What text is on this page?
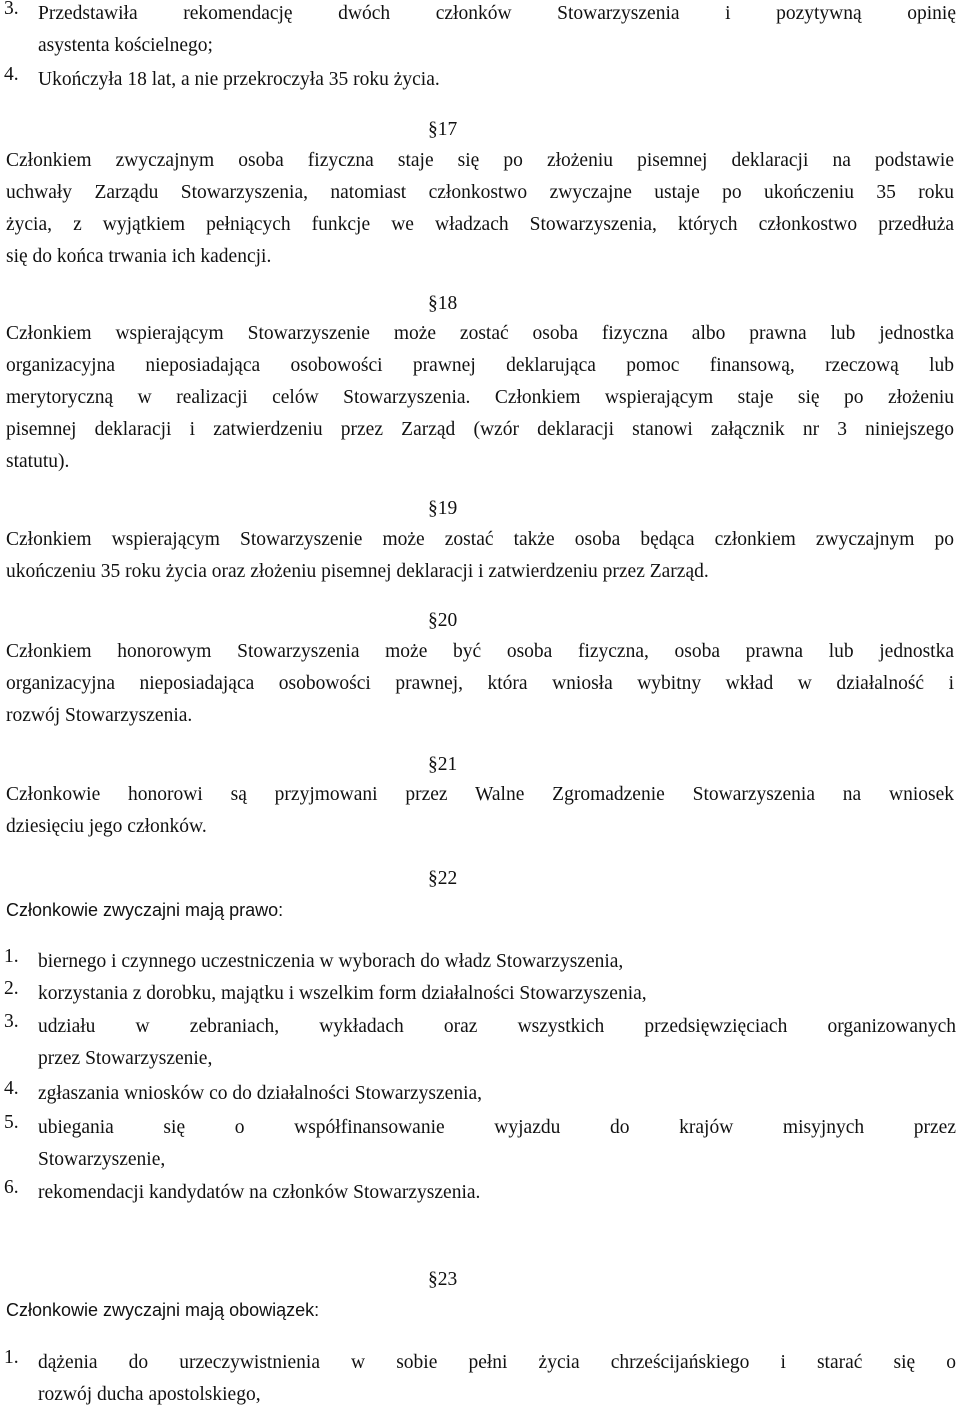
3. Przedstawiła rekomendację dwóch członków Stowarzyszenia i pozytywną opinię
asystenta kościelnego;
4. Ukończyła 18 lat, a nie przekroczyła 35 roku życia.
§17
Członkiem zwyczajnym osoba fizyczna staje się po złożeniu pisemnej deklaracji na podstawie
uchwały Zarządu Stowarzyszenia, natomiast członkostwo zwyczajne ustaje po ukończeniu 35 roku
życia, z wyjątkiem pełniących funkcje we władzach Stowarzyszenia, których członkostwo przedłuża
się do końca trwania ich kadencji.
§18
Członkiem wspierającym Stowarzyszenie może zostać osoba fizyczna albo prawna lub jednostka
organizacyjna nieposiadająca osobowości prawnej deklarująca pomoc finansową, rzeczową lub
merytoryczną w realizacji celów Stowarzyszenia. Członkiem wspierającym staje się po złożeniu
pisemnej deklaracji i zatwierdzeniu przez Zarząd (wzór deklaracji stanowi załącznik nr 3 niniejszego
statutu).
§19
Członkiem wspierającym Stowarzyszenie może zostać także osoba będąca członkiem zwyczajnym po
ukończeniu 35 roku życia oraz złożeniu pisemnej deklaracji i zatwierdzeniu przez Zarząd.
§20
Członkiem honorowym Stowarzyszenia może być osoba fizyczna, osoba prawna lub jednostka
organizacyjna nieposiadająca osobowości prawnej, która wniosła wybitny wkład w działalność i
rozwój Stowarzyszenia.
§21
Członkowie honorowi są przyjmowani przez Walne Zgromadzenie Stowarzyszenia na wniosek
dziesięciu jego członków.
§22
Członkowie zwyczajni mają prawo:
1. biernego i czynnego uczestniczenia w wyborach do władz Stowarzyszenia,
2. korzystania z dorobku, majątku i wszelkim form działalności Stowarzyszenia,
3. udziału w zebraniach, wykładach oraz wszystkich przedsięwzięciach organizowanych
przez Stowarzyszenie,
4. zgłaszania wniosków co do działalności Stowarzyszenia,
5. ubiegania się o współfinansowanie wyjazdu do krajów misyjnych przez
Stowarzyszenie,
6. rekomendacji kandydatów na członków Stowarzyszenia.
§23
Członkowie zwyczajni mają obowiązek:
1. dążenia do urzeczywistnienia w sobie pełni życia chrześcijańskiego i starać się o
rozwój ducha apostolskiego,
